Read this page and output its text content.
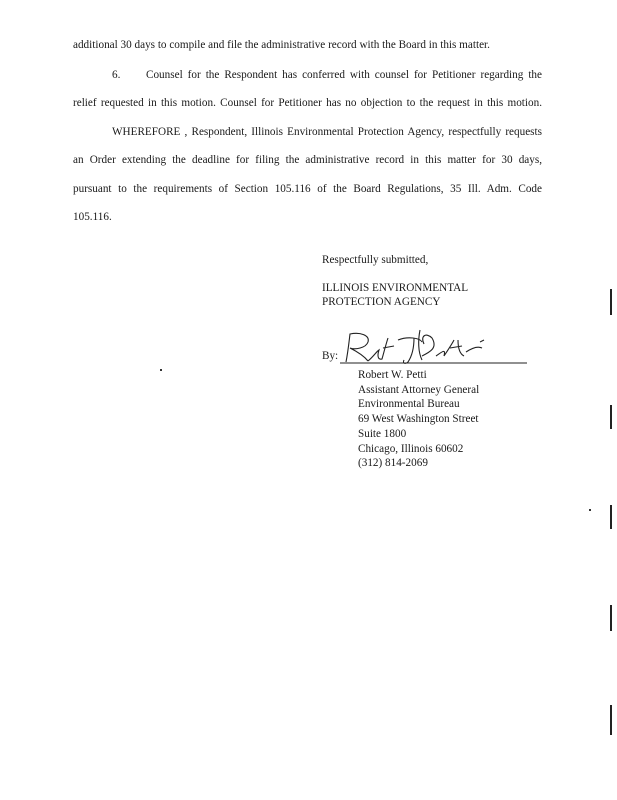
additional 30 days to compile and file the administrative record with the Board in this matter.
6. Counsel for the Respondent has conferred with counsel for Petitioner regarding the
relief requested in this motion. Counsel for Petitioner has no objection to the request in this motion.
WHEREFORE , Respondent, Illinois Environmental Protection Agency, respectfully requests
an Order extending the deadline for filing the administrative record in this matter for 30 days,
pursuant to the requirements of Section 105.116 of the Board Regulations, 35 Ill. Adm. Code
105.116.
Respectfully submitted,
ILLINOIS ENVIRONMENTAL
PROTECTION AGENCY
By:
Robert W. Petti
Assistant Attorney General
Environmental Bureau
69 West Washington Street
Suite 1800
Chicago, Illinois 60602
(312) 814-2069
